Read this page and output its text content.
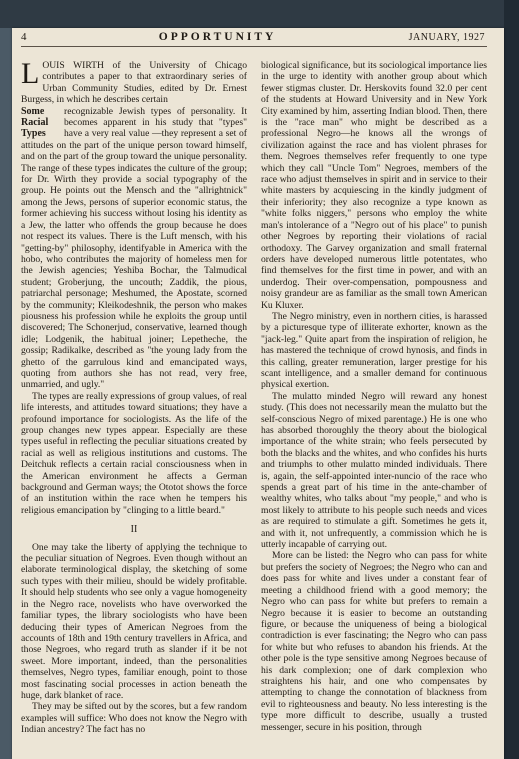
4	OPPORTUNITY	JANUARY, 1927

LOUIS WIRTH of the University of Chicago contributes a paper to that extraordinary series of Urban Community Studies, edited by Dr. Ernest Burgess, in which he describes certain

Some Racial Types
recognizable Jewish types of personality. It becomes apparent in his study that "types" have a very real value —they represent a set of attitudes on the part of the unique person toward himself, and on the part of the group toward the unique personality. The range of these types indicates the culture of the group; for Dr. Wirth they provide a social typography of the group. He points out the Mensch and the "allrightnick" among the Jews, persons of superior economic status, the former achieving his success without losing his identity as a Jew, the latter who offends the group because he does not respect its values. There is the Luft mensch, with his "getting-by" philosophy, identifyable in America with the hobo, who contributes the majority of homeless men for the Jewish agencies; Yeshiba Bochar, the Talmudical student; Groberjung, the uncouth; Zaddik, the pious, patriarchal personage; Meshumed, the Apostate, scorned by the community; Kleikodeshnik, the person who makes piousness his profession while he exploits the group until discovered; The Schonerjud, conservative, learned though idle; Lodgenik, the habitual joiner; Lepetheche, the gossip; Radikalke, described as "the young lady from the ghetto of the garrulous kind and emancipated ways, quoting from authors she has not read, very free, unmarried, and ugly."

The types are really expressions of group values, of real life interests, and attitudes toward situations; they have a profound importance for sociologists. As the life of the group changes new types appear. Especially are these types useful in reflecting the peculiar situations created by racial as well as religious institutions and customs. The Deitchuk reflects a certain racial consciousness when in the American environment he affects a German background and German ways; the Ototot shows the force of an institution within the race when he tempers his religious emancipation by "clinging to a little beard."

II

One may take the liberty of applying the technique to the peculiar situation of Negroes. Even though without an elaborate terminological display, the sketching of some such types with their milieu, should be widely profitable. It should help students who see only a vague homogeneity in the Negro race, novelists who have overworked the familiar types, the library sociologists who have been deducing their types of American Negroes from the accounts of 18th and 19th century travellers in Africa, and those Negroes, who regard truth as slander if it be not sweet. More important, indeed, than the personalities themselves, Negro types, familiar enough, point to those most fascinating social processes in action beneath the huge, dark blanket of race.

They may be sifted out by the scores, but a few random examples will suffice: Who does not know the Negro with Indian ancestry? The fact has no

biological significance, but its sociological importance lies in the urge to identity with another group about which fewer stigmas cluster. Dr. Herskovits found 32.0 per cent of the students at Howard University and in New York City examined by him, asserting Indian blood. Then, there is the "race man" who might be described as a professional Negro—he knows all the wrongs of civilization against the race and has violent phrases for them. Negroes themselves refer frequently to one type which they call "Uncle Tom" Negroes, members of the race who adjust themselves in spirit and in service to their white masters by acquiescing in the kindly judgment of their inferiority; they also recognize a type known as "white folks niggers," persons who employ the white man's intolerance of a "Negro out of his place" to punish other Negroes by reporting their violations of racial orthodoxy. The Garvey organization and small fraternal orders have developed numerous little potentates, who find themselves for the first time in power, and with an underdog. Their over-compensation, pompousness and noisy grandeur are as familiar as the small town American Ku Kluxer.

The Negro ministry, even in northern cities, is harassed by a picturesque type of illiterate exhorter, known as the "jack-leg." Quite apart from the inspiration of religion, he has mastered the technique of crowd hynosis, and finds in this calling, greater remuneration, larger prestige for his scant intelligence, and a smaller demand for continuous physical exertion.

The mulatto minded Negro will reward any honest study. (This does not necessarily mean the mulatto but the self-conscious Negro of mixed parentage.) He is one who has absorbed thoroughly the theory about the biological importance of the white strain; who feels persecuted by both the blacks and the whites, and who confides his hurts and triumphs to other mulatto minded individuals. There is, again, the self-appointed inter-nuncio of the race who spends a great part of his time in the ante-chamber of wealthy whites, who talks about "my people," and who is most likely to attribute to his people such needs and vices as are required to stimulate a gift. Sometimes he gets it, and with it, not unfrequently, a commission which he is utterly incapable of carrying out.

More can be listed: the Negro who can pass for white but prefers the society of Negroes; the Negro who can and does pass for white and lives under a constant fear of meeting a childhood friend with a good memory; the Negro who can pass for white but prefers to remain a Negro because it is easier to become an outstanding figure, or because the uniqueness of being a biological contradiction is ever fascinating; the Negro who can pass for white but who refuses to abandon his friends. At the other pole is the type sensitive among Negroes because of his dark complexion; one of dark complexion who straightens his hair, and one who compensates by attempting to change the connotation of blackness from evil to righteousness and beauty. No less interesting is the type more difficult to describe, usually a trusted messenger, secure in his position, through
